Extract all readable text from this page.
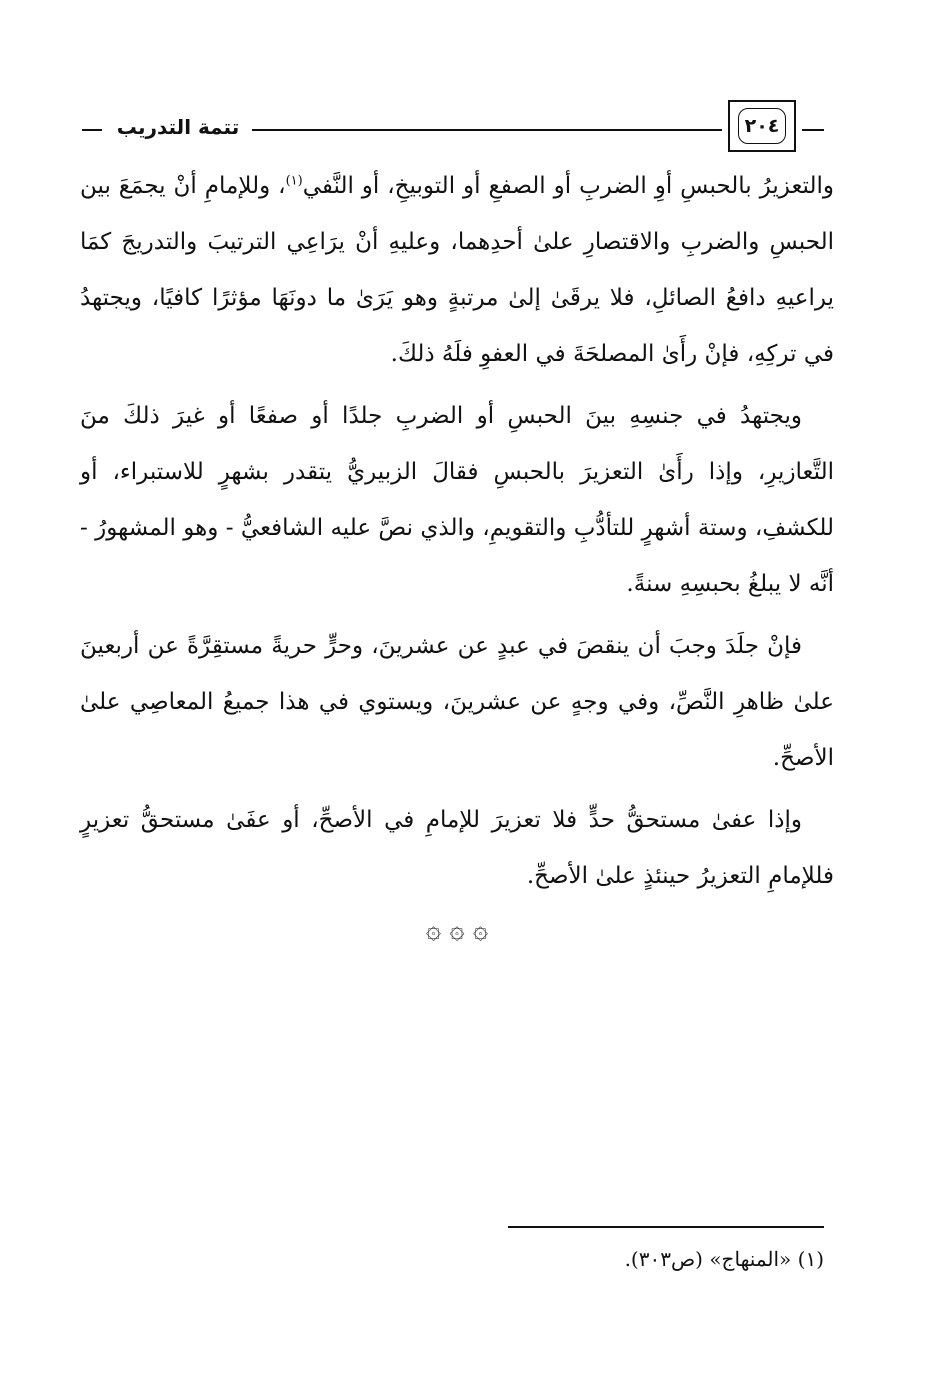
تتمة التدريب	٢٠٤

والتعزيرُ بالحبسِ أوِ الضربِ أو الصفعِ أو التوبيخِ، أو النَّفي$^{(١)}$، وللإمامِ أنْ يجمَعَ بين الحبسِ والضربِ والاقتصارِ علىٰ أحدِهما، وعليهِ أنْ يرَاعِي الترتيبَ والتدريجَ كمَا يراعيهِ دافعُ الصائلِ، فلا يرقَىٰ إلىٰ مرتبةٍ وهو يَرَىٰ ما دونَهَا مؤثرًا كافيًا، ويجتهدُ في تركِهِ، فإنْ رأَىٰ المصلحَةَ في العفوِ فلَهُ ذلكَ.

ويجتهدُ في جنسِهِ بينَ الحبسِ أو الضربِ جلدًا أو صفعًا أو غيرَ ذلكَ منَ التَّعازيرِ، وإذا رأَىٰ التعزيرَ بالحبسِ فقالَ الزبيريُّ يتقدر بشهرٍ للاستبراء، أو للكشفِ، وستة أشهرٍ للتأدُّبِ والتقويمِ، والذي نصَّ عليه الشافعيُّ - وهو المشهورُ - أنَّه لا يبلغُ بحبسِهِ سنةً.

فإنْ جلَدَ وجبَ أن ينقصَ في عبدٍ عن عشرينَ، وحرٍّ حريةً مستقِرَّةً عن أربعينَ علىٰ ظاهرِ النَّصِّ، وفي وجهٍ عن عشرينَ، ويستوي في هذا جميعُ المعاصِي علىٰ الأصحِّ.

وإذا عفىٰ مستحقُّ حدٍّ فلا تعزيرَ للإمامِ في الأصحِّ، أو عفَىٰ مستحقُّ تعزيرٍ فللإمامِ التعزيرُ حينئذٍ علىٰ الأصحِّ.

۞ ۞ ۞
(١) «المنهاج» (ص٣٠٣).
